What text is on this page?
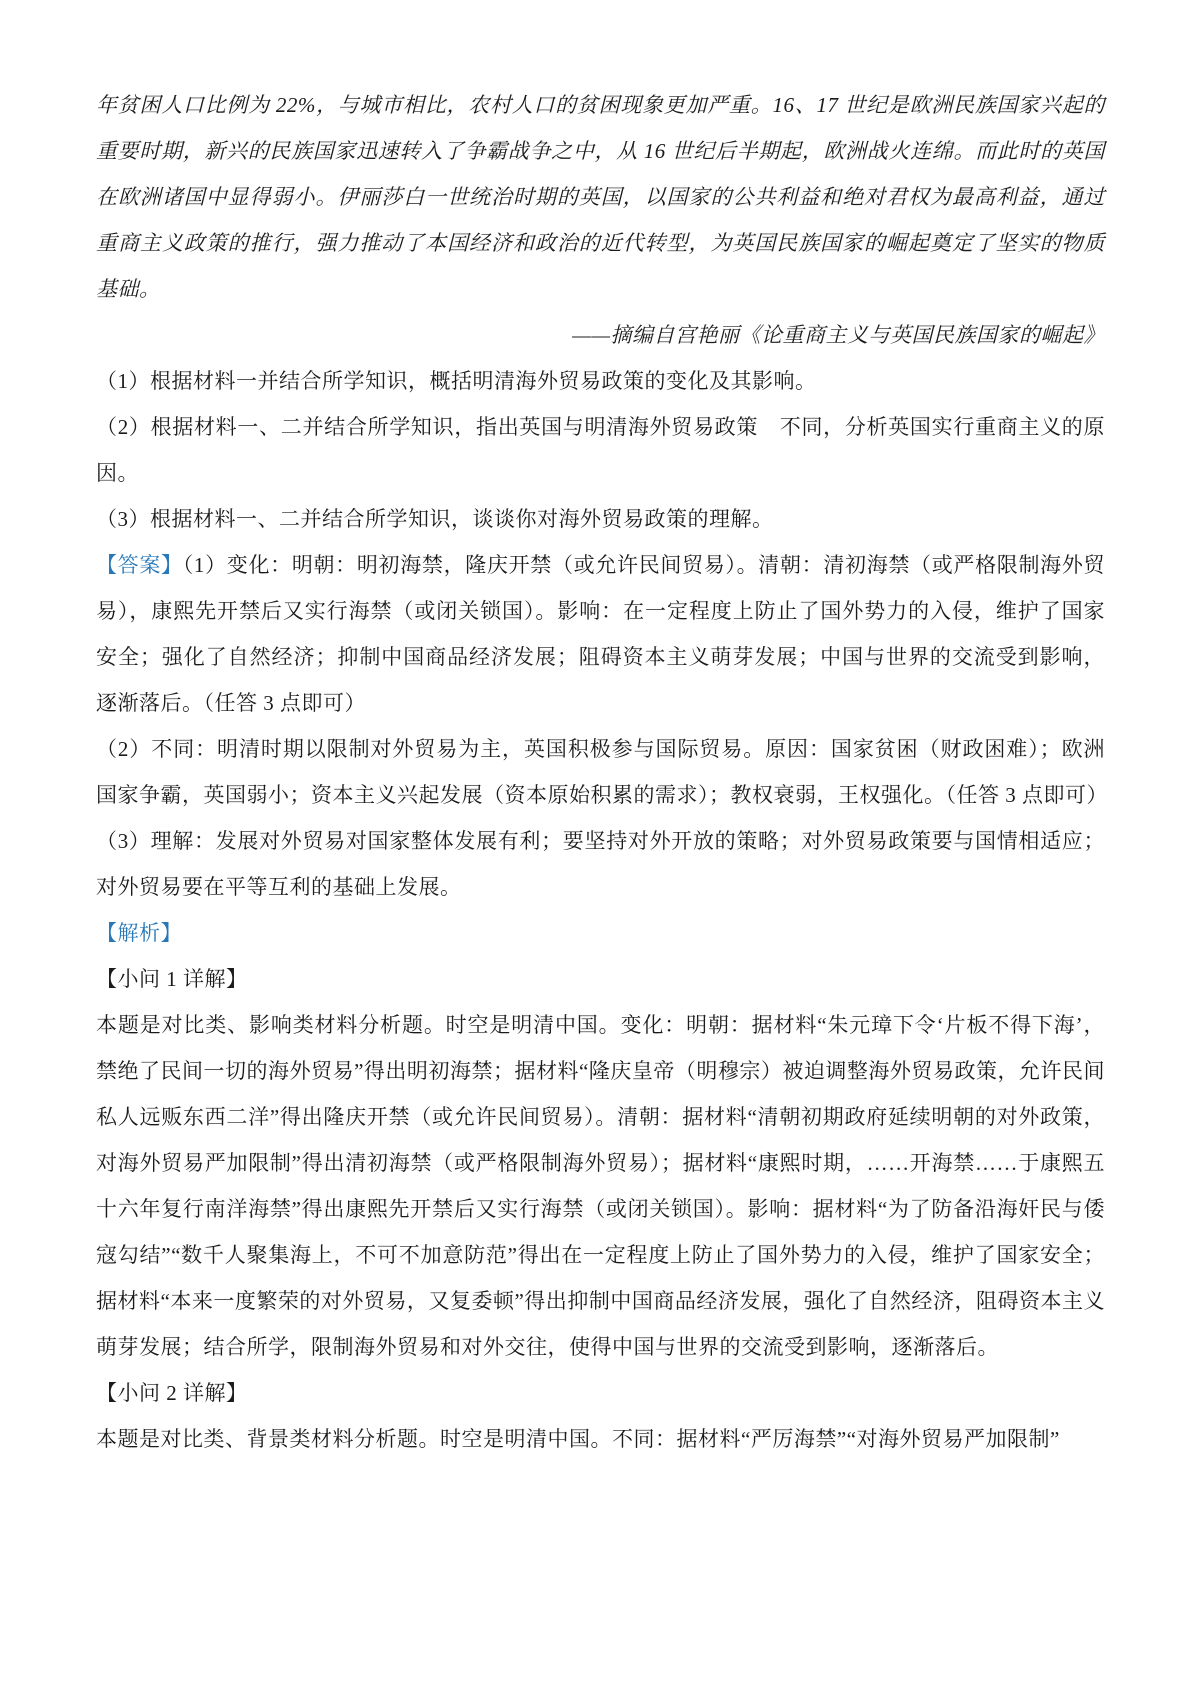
年贫困人口比例为 22%，与城市相比，农村人口的贫困现象更加严重。16、17 世纪是欧洲民族国家兴起的重要时期，新兴的民族国家迅速转入了争霸战争之中，从 16 世纪后半期起，欧洲战火连绵。而此时的英国在欧洲诸国中显得弱小。伊丽莎白一世统治时期的英国，以国家的公共利益和绝对君权为最高利益，通过重商主义政策的推行，强力推动了本国经济和政治的近代转型，为英国民族国家的崛起奠定了坚实的物质基础。

——摘编自宫艳丽《论重商主义与英国民族国家的崛起》

（1）根据材料一并结合所学知识，概括明清海外贸易政策的变化及其影响。

（2）根据材料一、二并结合所学知识，指出英国与明清海外贸易政策　不同，分析英国实行重商主义的原因。

（3）根据材料一、二并结合所学知识，谈谈你对海外贸易政策的理解。

【答案】（1）变化：明朝：明初海禁，隆庆开禁（或允许民间贸易）。清朝：清初海禁（或严格限制海外贸易），康熙先开禁后又实行海禁（或闭关锁国）。影响：在一定程度上防止了国外势力的入侵，维护了国家安全；强化了自然经济；抑制中国商品经济发展；阻碍资本主义萌芽发展；中国与世界的交流受到影响，逐渐落后。（任答 3 点即可）

（2）不同：明清时期以限制对外贸易为主，英国积极参与国际贸易。原因：国家贫困（财政困难）；欧洲国家争霸，英国弱小；资本主义兴起发展（资本原始积累的需求）；教权衰弱，王权强化。（任答 3 点即可）

（3）理解：发展对外贸易对国家整体发展有利；要坚持对外开放的策略；对外贸易政策要与国情相适应；对外贸易要在平等互利的基础上发展。

【解析】

【小问 1 详解】

本题是对比类、影响类材料分析题。时空是明清中国。变化：明朝：据材料“朱元璋下令‘片板不得下海’，禁绝了民间一切的海外贸易”得出明初海禁；据材料“隆庆皇帝（明穆宗）被迫调整海外贸易政策，允许民间私人远贩东西二洋”得出隆庆开禁（或允许民间贸易）。清朝：据材料“清朝初期政府延续明朝的对外政策，对海外贸易严加限制”得出清初海禁（或严格限制海外贸易）；据材料“康熙时期，……开海禁……于康熙五十六年复行南洋海禁”得出康熙先开禁后又实行海禁（或闭关锁国）。影响：据材料“为了防备沿海奸民与倭寇勾结”“数千人聚集海上，不可不加意防范”得出在一定程度上防止了国外势力的入侵，维护了国家安全；据材料“本来一度繁荣的对外贸易，又复委顿”得出抑制中国商品经济发展，强化了自然经济，阻碍资本主义萌芽发展；结合所学，限制海外贸易和对外交往，使得中国与世界的交流受到影响，逐渐落后。

【小问 2 详解】

本题是对比类、背景类材料分析题。时空是明清中国。不同：据材料“严厉海禁”“对海外贸易严加限制”
